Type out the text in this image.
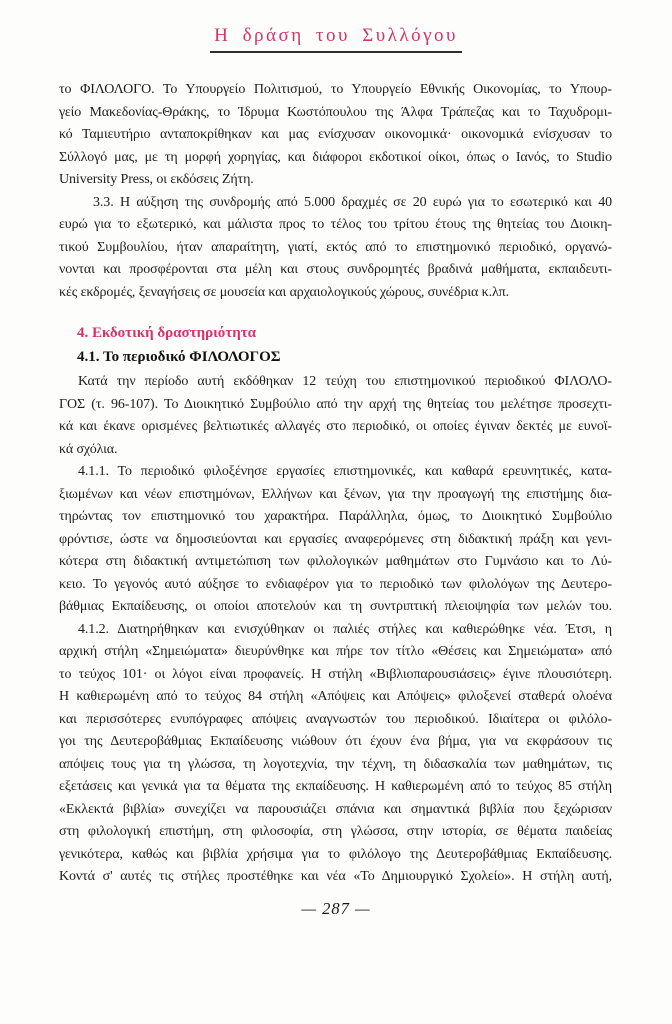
Η δράση του Συλλόγου
το ΦΙΛΟΛΟΓΟ. Το Υπουργείο Πολιτισμού, το Υπουργείο Εθνικής Οικονομίας, το Υπουρ-
γείο Μακεδονίας-Θράκης, το Ίδρυμα Κωστόπουλου της Άλφα Τράπεζας και το Ταχυδρομι-
κό Ταμιευτήριο ανταποκρίθηκαν και μας ενίσχυσαν οικονομικά· οικονομικά ενίσχυσαν το
Σύλλογό μας, με τη μορφή χορηγίας, και διάφοροι εκδοτικοί οίκοι, όπως ο Ιανός, το Studio
University Press, οι εκδόσεις Ζήτη.
3.3. Η αύξηση της συνδρομής από 5.000 δραχμές σε 20 ευρώ για το εσωτερικό και 40
ευρώ για το εξωτερικό, και μάλιστα προς το τέλος του τρίτου έτους της θητείας του Διοικη-
τικού Συμβουλίου, ήταν απαραίτητη, γιατί, εκτός από το επιστημονικό περιοδικό, οργανώ-
νονται και προσφέρονται στα μέλη και στους συνδρομητές βραδινά μαθήματα, εκπαιδευτι-
κές εκδρομές, ξεναγήσεις σε μουσεία και αρχαιολογικούς χώρους, συνέδρια κ.λπ.
4. Εκδοτική δραστηριότητα
4.1. Το περιοδικό ΦΙΛΟΛΟΓΟΣ
Κατά την περίοδο αυτή εκδόθηκαν 12 τεύχη του επιστημονικού περιοδικού ΦΙΛΟΛΟ-
ΓΟΣ (τ. 96-107). Το Διοικητικό Συμβούλιο από την αρχή της θητείας του μελέτησε προσεχτι-
κά και έκανε ορισμένες βελτιωτικές αλλαγές στο περιοδικό, οι οποίες έγιναν δεκτές με ευνοϊ-
κά σχόλια.
4.1.1. Το περιοδικό φιλοξένησε εργασίες επιστημονικές, και καθαρά ερευνητικές, κατα-
ξιωμένων και νέων επιστημόνων, Ελλήνων και ξένων, για την προαγωγή της επιστήμης δια-
τηρώντας τον επιστημονικό του χαρακτήρα. Παράλληλα, όμως, το Διοικητικό Συμβούλιο
φρόντισε, ώστε να δημοσιεύονται και εργασίες αναφερόμενες στη διδακτική πράξη και γενι-
κότερα στη διδακτική αντιμετώπιση των φιλολογικών μαθημάτων στο Γυμνάσιο και το Λύ-
κειο. Το γεγονός αυτό αύξησε το ενδιαφέρον για το περιοδικό των φιλολόγων της Δευτερο-
βάθμιας Εκπαίδευσης, οι οποίοι αποτελούν και τη συντριπτική πλειοψηφία των μελών του.
4.1.2. Διατηρήθηκαν και ενισχύθηκαν οι παλιές στήλες και καθιερώθηκε νέα. Έτσι, η
αρχική στήλη «Σημειώματα» διευρύνθηκε και πήρε τον τίτλο «Θέσεις και Σημειώματα» από
το τεύχος 101· οι λόγοι είναι προφανείς. Η στήλη «Βιβλιοπαρουσιάσεις» έγινε πλουσιότερη.
Η καθιερωμένη από το τεύχος 84 στήλη «Απόψεις και Απόψεις» φιλοξενεί σταθερά ολοένα
και περισσότερες ενυπόγραφες απόψεις αναγνωστών του περιοδικού. Ιδιαίτερα οι φιλόλο-
γοι της Δευτεροβάθμιας Εκπαίδευσης νιώθουν ότι έχουν ένα βήμα, για να εκφράσουν τις
απόψεις τους για τη γλώσσα, τη λογοτεχνία, την τέχνη, τη διδασκαλία των μαθημάτων, τις
εξετάσεις και γενικά για τα θέματα της εκπαίδευσης. Η καθιερωμένη από το τεύχος 85 στήλη
«Εκλεκτά βιβλία» συνεχίζει να παρουσιάζει σπάνια και σημαντικά βιβλία που ξεχώρισαν
στη φιλολογική επιστήμη, στη φιλοσοφία, στη γλώσσα, στην ιστορία, σε θέματα παιδείας
γενικότερα, καθώς και βιβλία χρήσιμα για το φιλόλογο της Δευτεροβάθμιας Εκπαίδευσης.
Κοντά σ' αυτές τις στήλες προστέθηκε και νέα «Το Δημιουργικό Σχολείο». Η στήλη αυτή,
— 287 —
